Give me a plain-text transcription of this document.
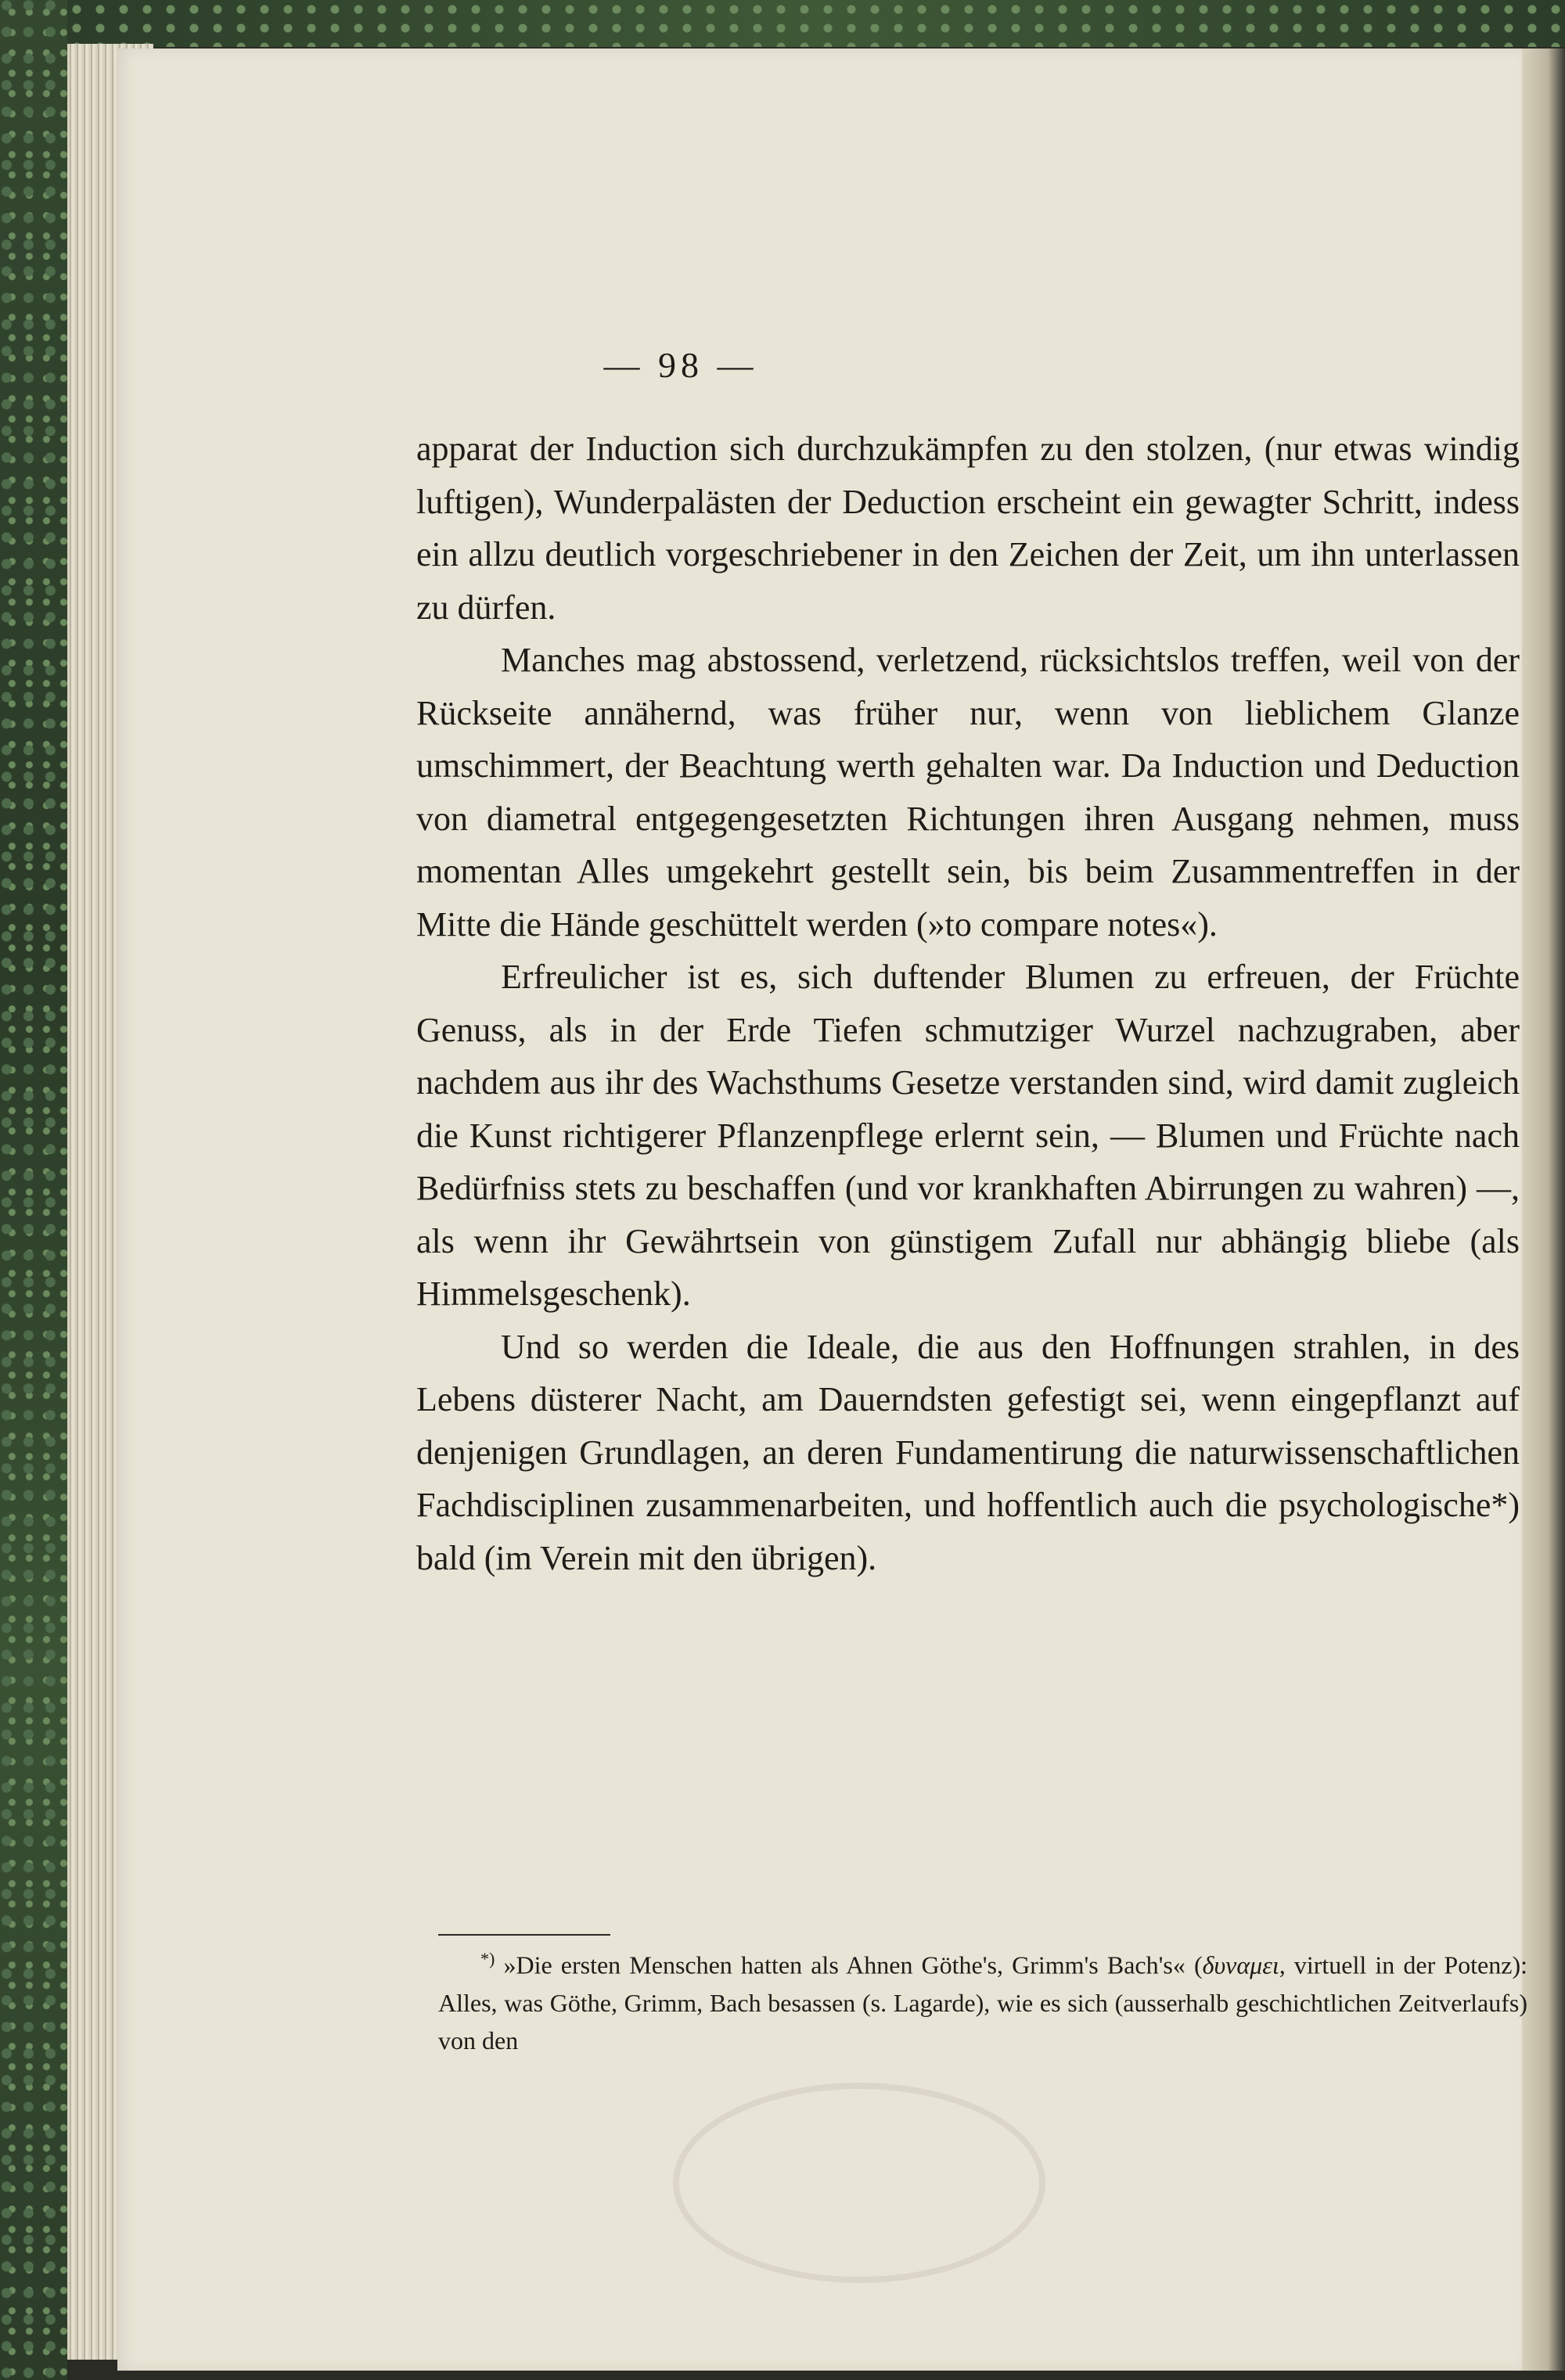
— 98 —

apparat der Induction sich durchzukämpfen zu den stolzen, (nur etwas windig luftigen), Wunderpalästen der Deduction erscheint ein gewagter Schritt, indess ein allzu deutlich vorgeschriebener in den Zeichen der Zeit, um ihn unterlassen zu dürfen.

Manches mag abstossend, verletzend, rücksichtslos treffen, weil von der Rückseite annähernd, was früher nur, wenn von lieblichem Glanze umschimmert, der Beachtung werth gehalten war. Da Induction und Deduction von diametral entgegengesetzten Richtungen ihren Ausgang nehmen, muss momentan Alles umgekehrt gestellt sein, bis beim Zusammentreffen in der Mitte die Hände geschüttelt werden (»to compare notes«).

Erfreulicher ist es, sich duftender Blumen zu erfreuen, der Früchte Genuss, als in der Erde Tiefen schmutziger Wurzel nachzugraben, aber nachdem aus ihr des Wachsthums Gesetze verstanden sind, wird damit zugleich die Kunst richtigerer Pflanzenpflege erlernt sein, — Blumen und Früchte nach Bedürfniss stets zu beschaffen (und vor krankhaften Abirrungen zu wahren) —, als wenn ihr Gewährtsein von günstigem Zufall nur abhängig bliebe (als Himmelsgeschenk).

Und so werden die Ideale, die aus den Hoffnungen strahlen, in des Lebens düsterer Nacht, am Dauerndsten gefestigt sei, wenn eingepflanzt auf denjenigen Grundlagen, an deren Fundamentirung die naturwissenschaftlichen Fachdisciplinen zusammenarbeiten, und hoffentlich auch die psychologische*) bald (im Verein mit den übrigen).

*) »Die ersten Menschen hatten als Ahnen Göthe's, Grimm's Bach's« (δυναμει, virtuell in der Potenz): Alles, was Göthe, Grimm, Bach besassen (s. Lagarde), wie es sich (ausserhalb geschichtlichen Zeitverlaufs) von den
